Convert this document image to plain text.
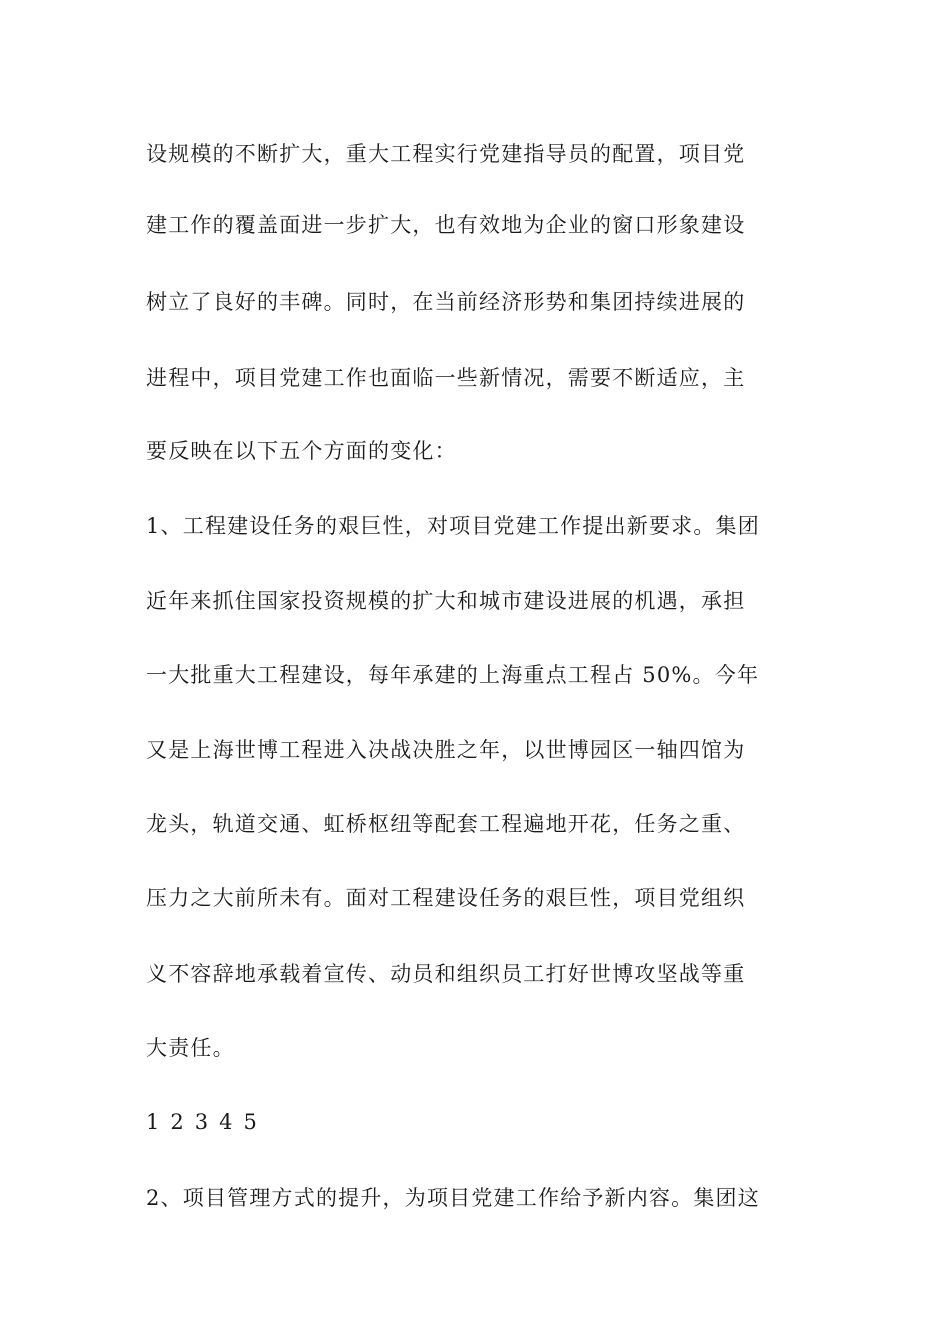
设规模的不断扩大，重大工程实行党建指导员的配置，项目党
建工作的覆盖面进一步扩大，也有效地为企业的窗口形象建设
树立了良好的丰碑。同时，在当前经济形势和集团持续进展的
进程中，项目党建工作也面临一些新情况，需要不断适应，主
要反映在以下五个方面的变化：
1、工程建设任务的艰巨性，对项目党建工作提出新要求。集团
近年来抓住国家投资规模的扩大和城市建设进展的机遇，承担
一大批重大工程建设，每年承建的上海重点工程占 50%。今年
又是上海世博工程进入决战决胜之年，以世博园区一轴四馆为
龙头，轨道交通、虹桥枢纽等配套工程遍地开花，任务之重、
压力之大前所未有。面对工程建设任务的艰巨性，项目党组织
义不容辞地承载着宣传、动员和组织员工打好世博攻坚战等重
大责任。
1 2 3 4 5
2、项目管理方式的提升，为项目党建工作给予新内容。集团这
